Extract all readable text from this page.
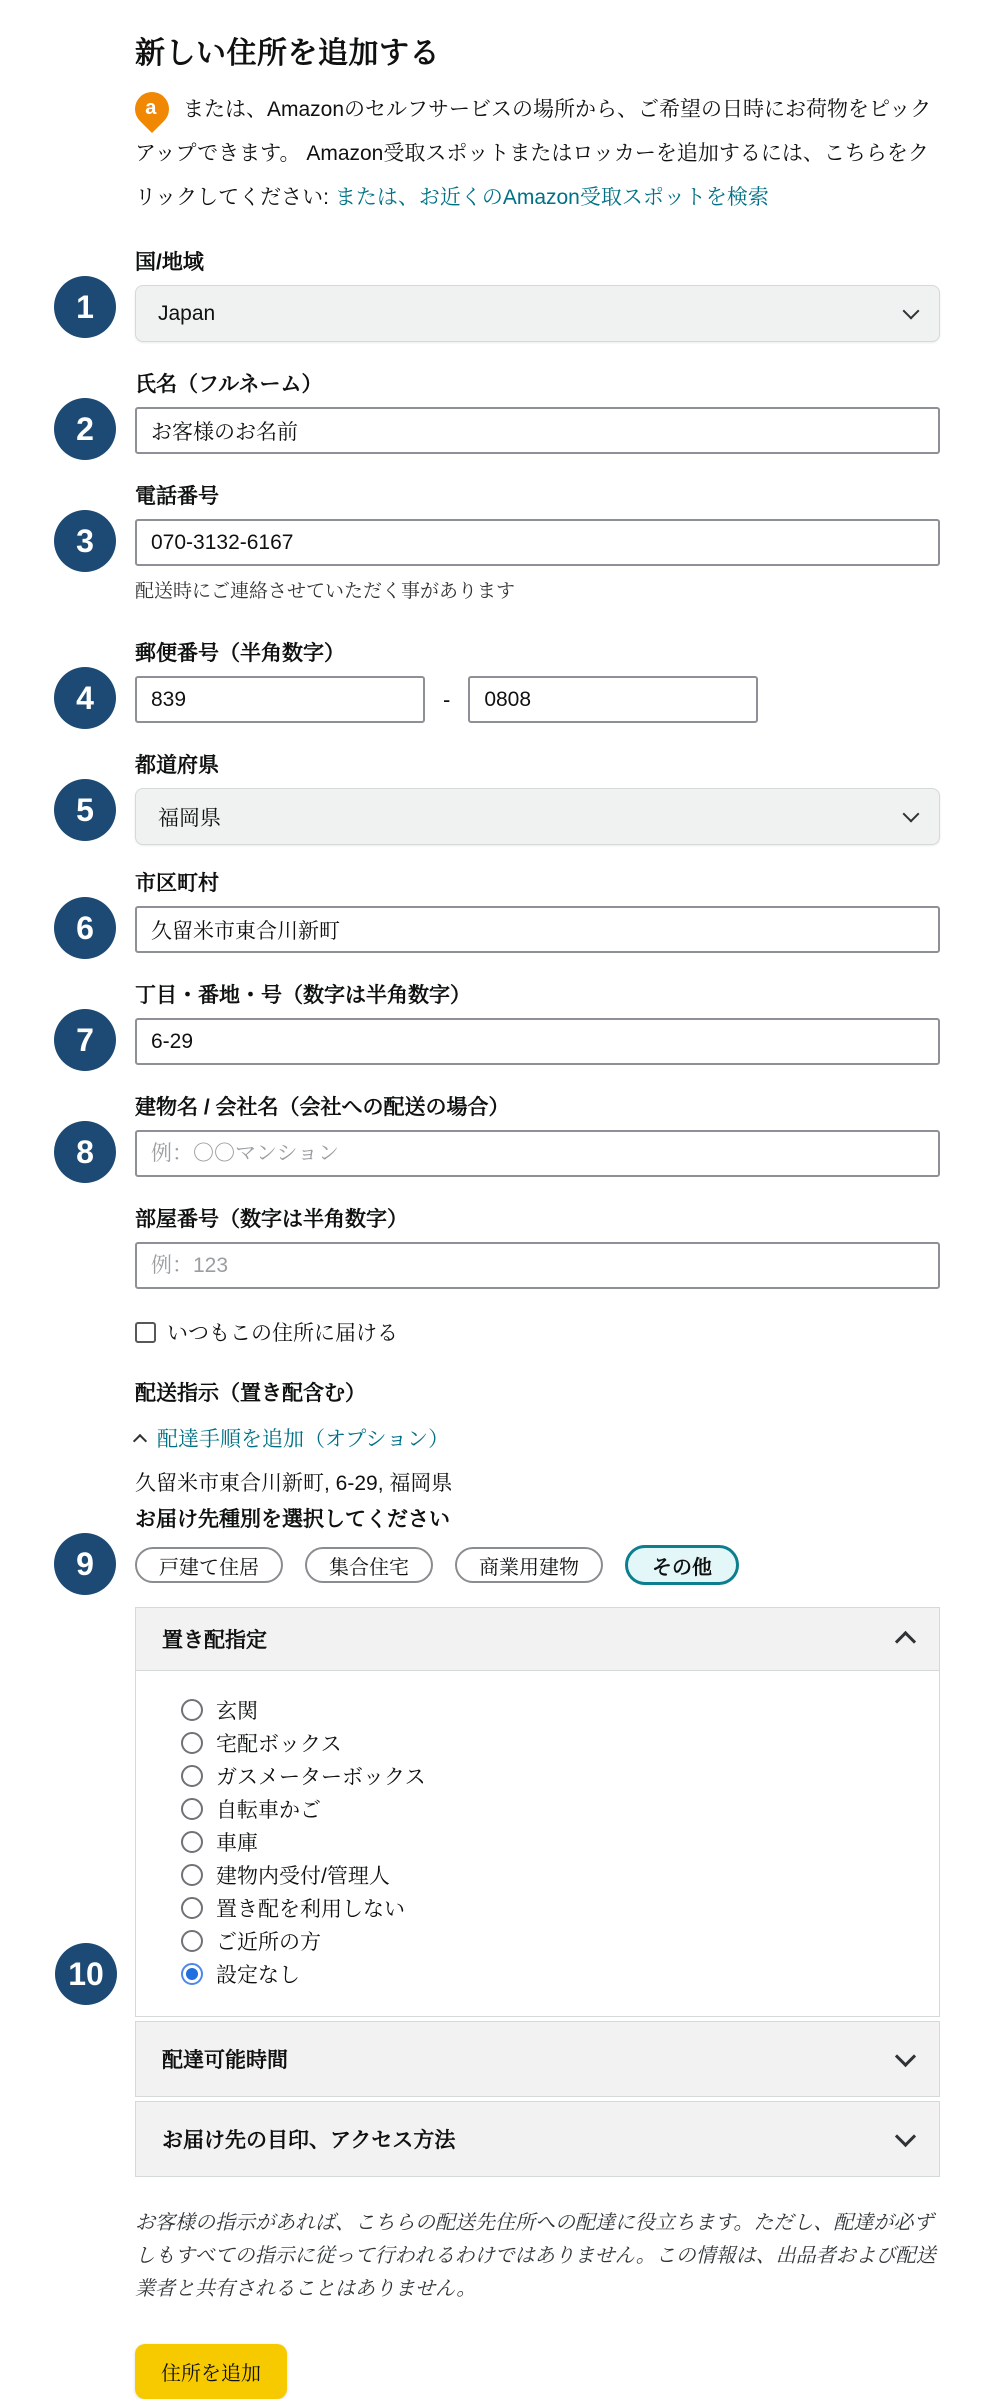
新しい住所を追加する

a または、Amazonのセルフサービスの場所から、ご希望の日時にお荷物をピックアップできます。 Amazon受取スポットまたはロッカーを追加するには、こちらをクリックしてください: または、お近くのAmazon受取スポットを検索

1
国/地域
Japan
2
氏名（フルネーム）
お客様のお名前
3
電話番号
070-3132-6167
配送時にご連絡させていただく事があります
4
郵便番号（半角数字）
839
-
0808
5
都道府県
福岡県
6
市区町村
久留米市東合川新町
7
丁目・番地・号（数字は半角数字）
6-29
8
建物名 / 会社名（会社への配送の場合）
例：〇〇マンション
部屋番号（数字は半角数字）
例：123
いつもこの住所に届ける
配送指示（置き配含む）
配達手順を追加（オプション）
久留米市東合川新町, 6-29, 福岡県
お届け先種別を選択してください
9	戸建て住居	集合住宅	商業用建物	その他
置き配指定
玄関
宅配ボックス
ガスメーターボックス
自転車かご
車庫
建物内受付/管理人
置き配を利用しない
ご近所の方
10	設定なし
配達可能時間
お届け先の目印、アクセス方法

お客様の指示があれば、こちらの配送先住所への配達に役立ちます。ただし、配達が必ずしもすべての指示に従って行われるわけではありません。この情報は、出品者および配送業者と共有されることはありません。

住所を追加
